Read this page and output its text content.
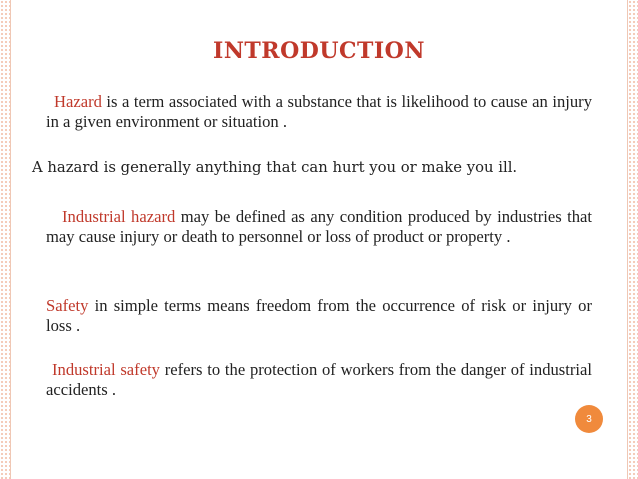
INTRODUCTION
Hazard is a term associated with a substance that is likelihood to cause an injury in a given environment or situation .
A hazard is generally anything that can hurt you or make you ill.
Industrial hazard may be defined as any condition produced by industries that may cause injury or death to personnel or loss of product or property .
Safety in simple terms means freedom from the occurrence of risk or injury or loss .
Industrial safety refers to the protection of workers from the danger of industrial accidents .
3
